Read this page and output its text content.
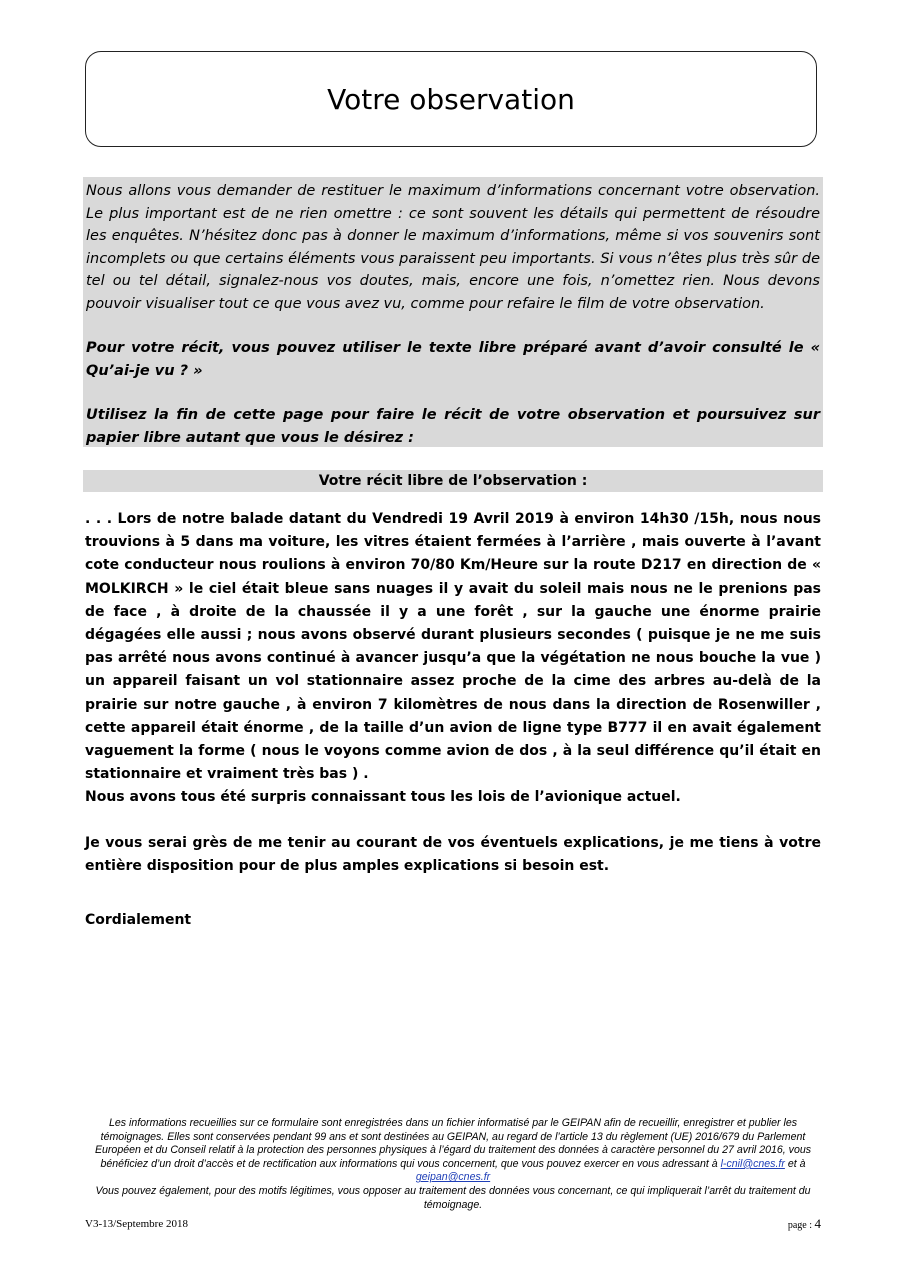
Votre observation

Nous allons vous demander de restituer le maximum d’informations concernant votre observation. Le plus important est de ne rien omettre : ce sont souvent les détails qui permettent de résoudre les enquêtes. N’hésitez donc pas à donner le maximum d’informations, même si vos souvenirs sont incomplets ou que certains éléments vous paraissent peu importants. Si vous n’êtes plus très sûr de tel ou tel détail, signalez-nous vos doutes, mais, encore une fois, n’omettez rien. Nous devons pouvoir visualiser tout ce que vous avez vu, comme pour refaire le film de votre observation.

Pour votre récit, vous pouvez utiliser le texte libre préparé avant d’avoir consulté le « Qu’ai-je vu ? »

Utilisez la fin de cette page pour faire le récit de votre observation et poursuivez sur papier libre autant que vous le désirez :

Votre récit libre de l’observation :

. . . Lors de notre balade datant du Vendredi 19 Avril 2019 à environ 14h30 /15h, nous nous trouvions à 5 dans ma voiture, les vitres étaient fermées à l’arrière , mais ouverte à l’avant cote conducteur nous roulions à environ 70/80 Km/Heure sur la route D217 en direction de « MOLKIRCH » le ciel était bleue sans nuages il y avait du soleil mais nous ne le prenions pas de face , à droite de la chaussée il y a une forêt , sur la gauche une énorme prairie dégagées elle aussi ; nous avons observé durant plusieurs secondes ( puisque je ne me suis pas arrêté nous avons continué à avancer jusqu’a que la végétation ne nous bouche la vue ) un appareil faisant un vol stationnaire assez proche de la cime des arbres au-delà de la prairie sur notre gauche , à environ 7 kilomètres de nous dans la direction de Rosenwiller , cette appareil était énorme , de la taille d’un avion de ligne type B777 il en avait également vaguement la forme ( nous le voyons comme avion de dos , à la seul différence qu’il était en stationnaire et vraiment très bas ) .

Nous avons tous été surpris connaissant tous les lois de l’avionique actuel.

Je vous serai grès de me tenir au courant de vos éventuels explications, je me tiens à votre entière disposition pour de plus amples explications si besoin est.

Cordialement

Les informations recueillies sur ce formulaire sont enregistrées dans un fichier informatisé par le GEIPAN afin de recueillir, enregistrer et publier les témoignages. Elles sont conservées pendant 99 ans et sont destinées au GEIPAN, au regard de l’article 13 du règlement (UE) 2016/679 du Parlement Européen et du Conseil relatif à la protection des personnes physiques à l’égard du traitement des données à caractère personnel du 27 avril 2016, vous bénéficiez d’un droit d’accès et de rectification aux informations qui vous concernent, que vous pouvez exercer en vous adressant à l-cnil@cnes.fr et à geipan@cnes.fr

Vous pouvez également, pour des motifs légitimes, vous opposer au traitement des données vous concernant, ce qui impliquerait l’arrêt du traitement du témoignage.

V3-13/Septembre 2018	page : 4
